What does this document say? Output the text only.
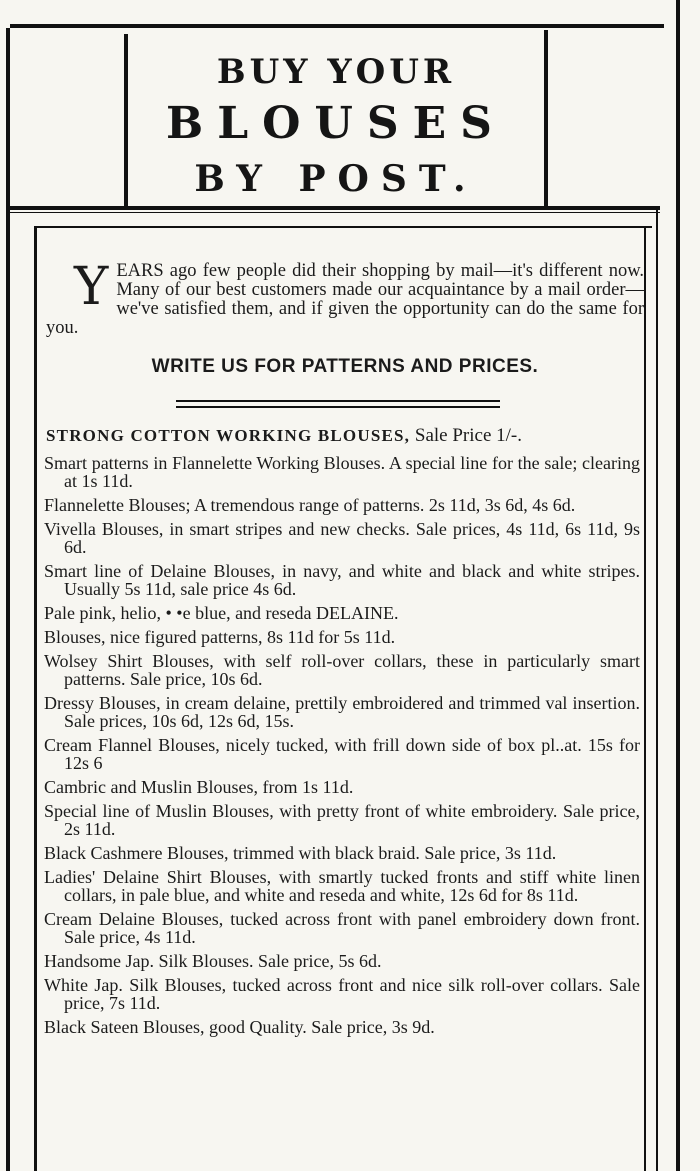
BUY YOUR
BLOUSES
BY POST.
Y EARS ago few people did their shopping by mail—it's different now. Many of our best customers made our acquaintance by a mail order—we've satisfied them, and if given the opportunity can do the same for you.

WRITE US FOR PATTERNS AND PRICES.
STRONG COTTON WORKING BLOUSES, Sale Price 1/-.
Smart patterns in Flannelette Working Blouses. A special line for the sale; clearing at 1s 11d.
Flannelette Blouses; A tremendous range of patterns. 2s 11d, 3s 6d, 4s 6d.
Vivella Blouses, in smart stripes and new checks. Sale prices, 4s 11d, 6s 11d, 9s 6d.
Smart line of Delaine Blouses, in navy, and white and black and white stripes. Usually 5s 11d, sale price 4s 6d.
Pale pink, helio, • •e blue, and reseda DELAINE.
Blouses, nice figured patterns, 8s 11d for 5s 11d.
Wolsey Shirt Blouses, with self roll-over collars, these in particularly smart patterns. Sale price, 10s 6d.
Dressy Blouses, in cream delaine, prettily embroidered and trimmed val insertion. Sale prices, 10s 6d, 12s 6d, 15s.
Cream Flannel Blouses, nicely tucked, with frill down side of box pl..at. 15s for 12s 6
Cambric and Muslin Blouses, from 1s 11d.
Special line of Muslin Blouses, with pretty front of white embroidery. Sale price, 2s 11d.
Black Cashmere Blouses, trimmed with black braid. Sale price, 3s 11d.
Ladies' Delaine Shirt Blouses, with smartly tucked fronts and stiff white linen collars, in pale blue, and white and reseda and white, 12s 6d for 8s 11d.
Cream Delaine Blouses, tucked across front with panel embroidery down front. Sale price, 4s 11d.
Handsome Jap. Silk Blouses. Sale price, 5s 6d.
White Jap. Silk Blouses, tucked across front and nice silk roll-over collars. Sale price, 7s 11d.
Black Sateen Blouses, good Quality. Sale price, 3s 9d.
